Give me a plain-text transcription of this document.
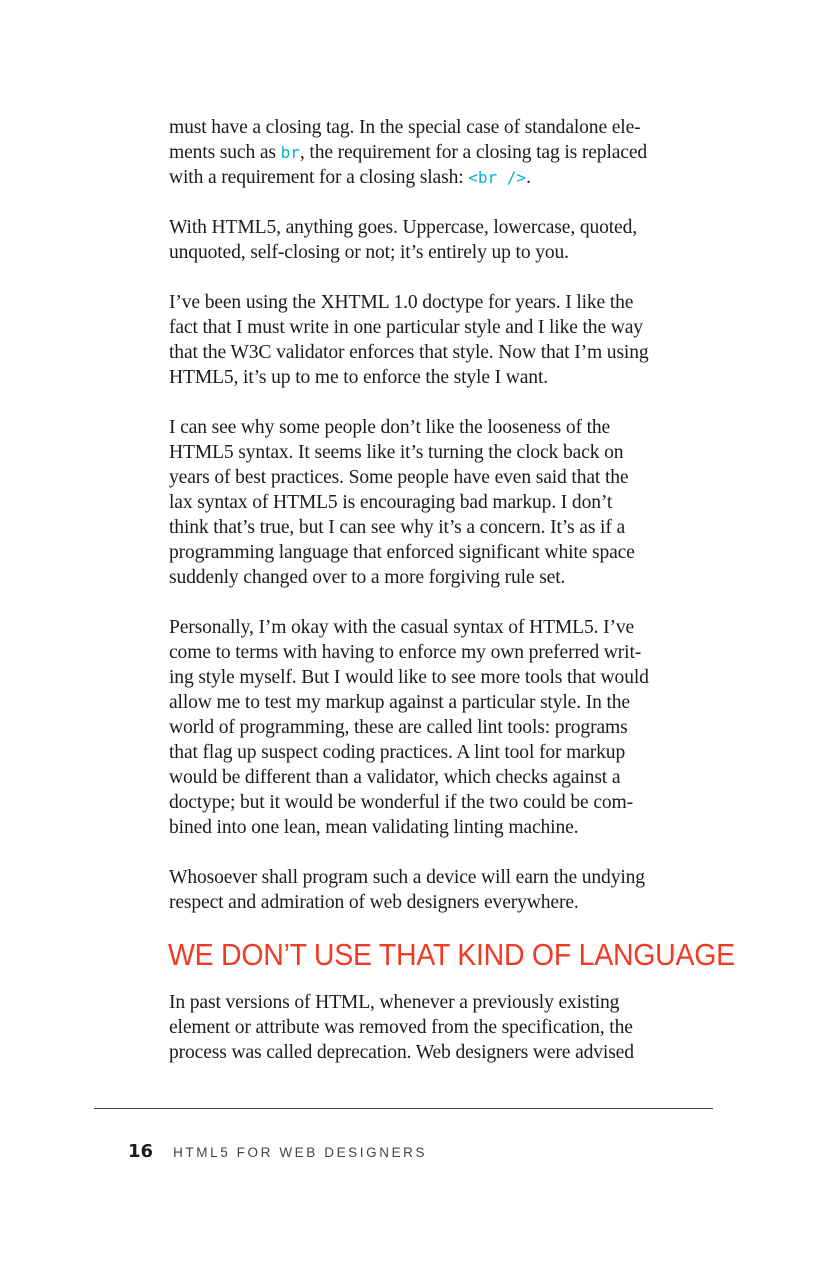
must have a closing tag. In the special case of standalone ele-
ments such as br, the requirement for a closing tag is replaced
with a requirement for a closing slash: <br />.

With HTML5, anything goes. Uppercase, lowercase, quoted,
unquoted, self-closing or not; it’s entirely up to you.

I’ve been using the XHTML 1.0 doctype for years. I like the
fact that I must write in one particular style and I like the way
that the W3C validator enforces that style. Now that I’m using
HTML5, it’s up to me to enforce the style I want.

I can see why some people don’t like the looseness of the
HTML5 syntax. It seems like it’s turning the clock back on
years of best practices. Some people have even said that the
lax syntax of HTML5 is encouraging bad markup. I don’t
think that’s true, but I can see why it’s a concern. It’s as if a
programming language that enforced significant white space
suddenly changed over to a more forgiving rule set.

Personally, I’m okay with the casual syntax of HTML5. I’ve
come to terms with having to enforce my own preferred writ-
ing style myself. But I would like to see more tools that would
allow me to test my markup against a particular style. In the
world of programming, these are called lint tools: programs
that flag up suspect coding practices. A lint tool for markup
would be different than a validator, which checks against a
doctype; but it would be wonderful if the two could be com-
bined into one lean, mean validating linting machine.

Whosoever shall program such a device will earn the undying
respect and admiration of web designers everywhere.

WE DON’T USE THAT KIND OF LANGUAGE

In past versions of HTML, whenever a previously existing
element or attribute was removed from the specification, the
process was called deprecation. Web designers were advised

16 HTML5 FOR WEB DESIGNERS
